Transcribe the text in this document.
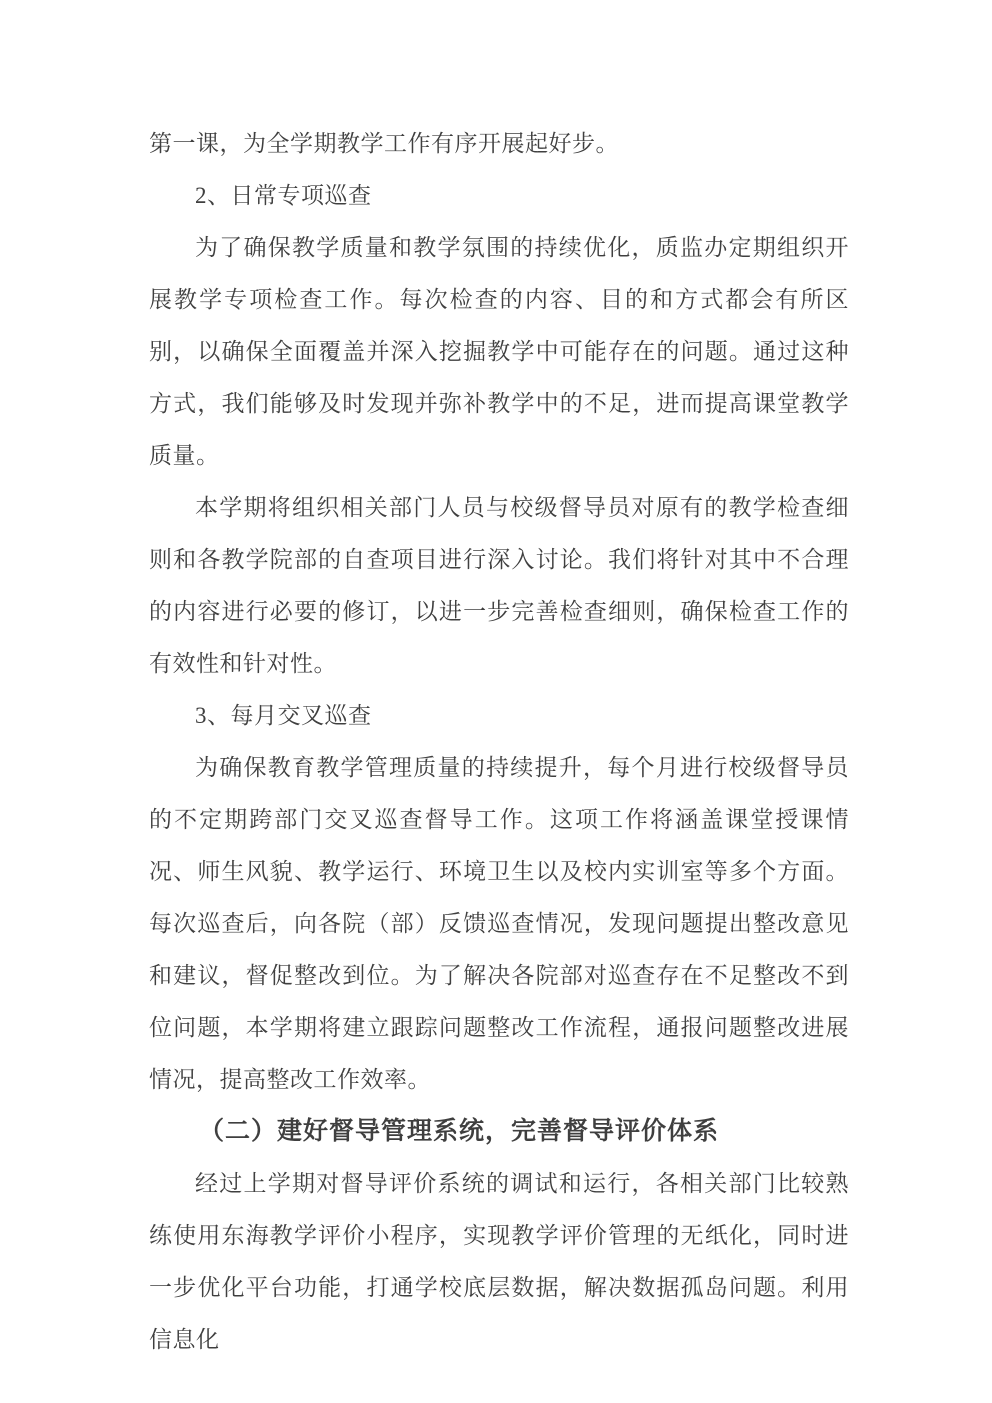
第一课，为全学期教学工作有序开展起好步。

2、日常专项巡查

为了确保教学质量和教学氛围的持续优化，质监办定期组织开展教学专项检查工作。每次检查的内容、目的和方式都会有所区别，以确保全面覆盖并深入挖掘教学中可能存在的问题。通过这种方式，我们能够及时发现并弥补教学中的不足，进而提高课堂教学质量。

本学期将组织相关部门人员与校级督导员对原有的教学检查细则和各教学院部的自查项目进行深入讨论。我们将针对其中不合理的内容进行必要的修订，以进一步完善检查细则，确保检查工作的有效性和针对性。

3、每月交叉巡查

为确保教育教学管理质量的持续提升，每个月进行校级督导员的不定期跨部门交叉巡查督导工作。这项工作将涵盖课堂授课情况、师生风貌、教学运行、环境卫生以及校内实训室等多个方面。每次巡查后，向各院（部）反馈巡查情况，发现问题提出整改意见和建议，督促整改到位。为了解决各院部对巡查存在不足整改不到位问题，本学期将建立跟踪问题整改工作流程，通报问题整改进展情况，提高整改工作效率。

（二）建好督导管理系统，完善督导评价体系

经过上学期对督导评价系统的调试和运行，各相关部门比较熟练使用东海教学评价小程序，实现教学评价管理的无纸化，同时进一步优化平台功能，打通学校底层数据，解决数据孤岛问题。利用信息化
